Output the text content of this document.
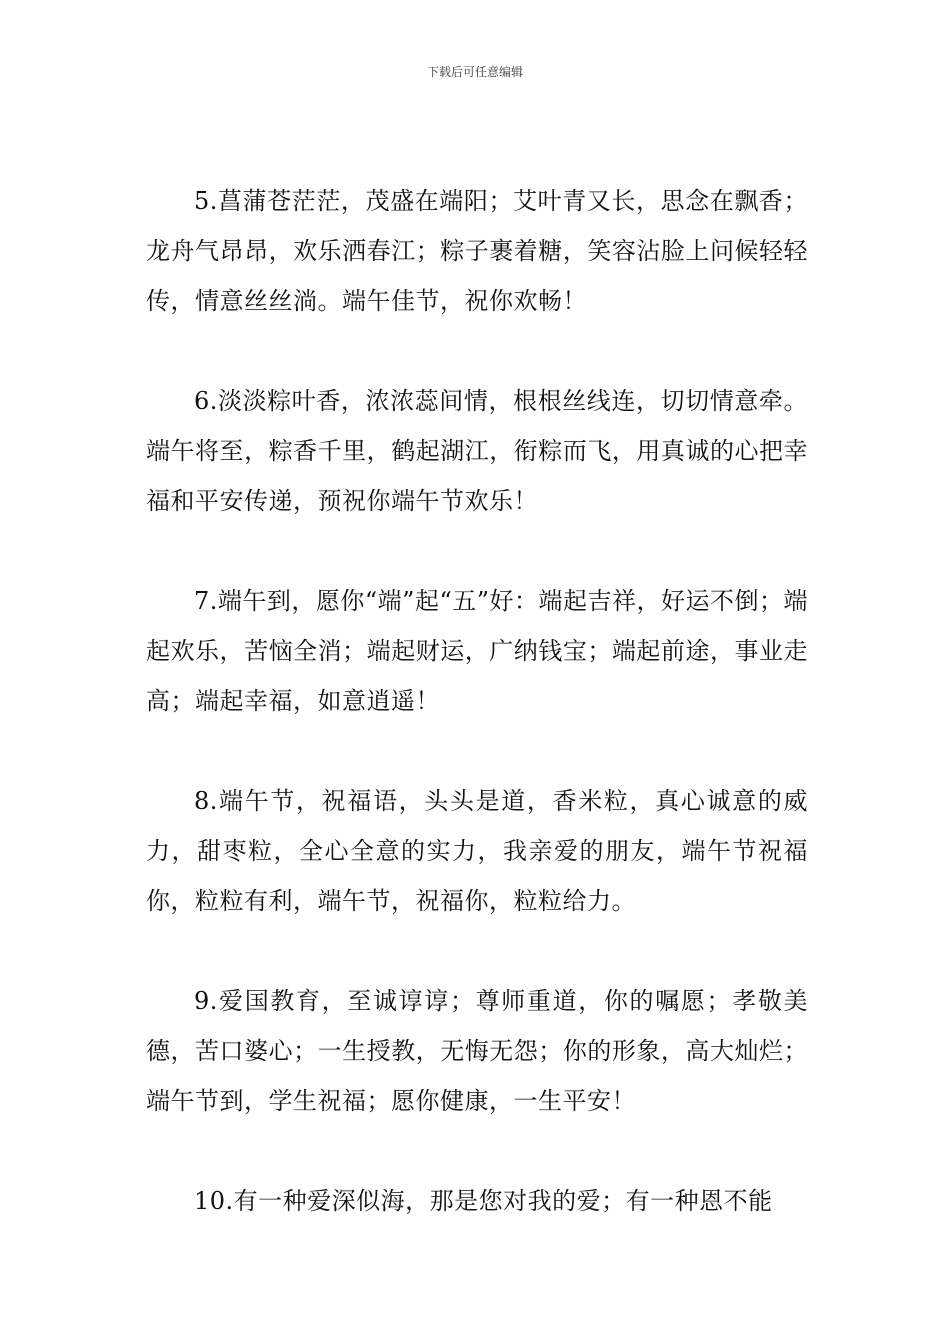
下载后可任意编辑

5.菖蒲苍茫茫，茂盛在端阳；艾叶青又长，思念在飘香；龙舟气昂昂，欢乐洒春江；粽子裹着糖，笑容沾脸上问候轻轻传，情意丝丝淌。端午佳节，祝你欢畅！

6.淡淡粽叶香，浓浓蕊间情，根根丝线连，切切情意牵。端午将至，粽香千里，鹤起湖江，衔粽而飞，用真诚的心把幸福和平安传递，预祝你端午节欢乐！

7.端午到，愿你“端”起“五”好：端起吉祥，好运不倒；端起欢乐，苦恼全消；端起财运，广纳钱宝；端起前途，事业走高；端起幸福，如意逍遥！

8.端午节，祝福语，头头是道，香米粒，真心诚意的威力，甜枣粒，全心全意的实力，我亲爱的朋友，端午节祝福你，粒粒有利，端午节，祝福你，粒粒给力。

9.爱国教育，至诚谆谆；尊师重道，你的嘱愿；孝敬美德，苦口婆心；一生授教，无悔无怨；你的形象，高大灿烂；端午节到，学生祝福；愿你健康，一生平安！

10.有一种爱深似海，那是您对我的爱；有一种恩不能
